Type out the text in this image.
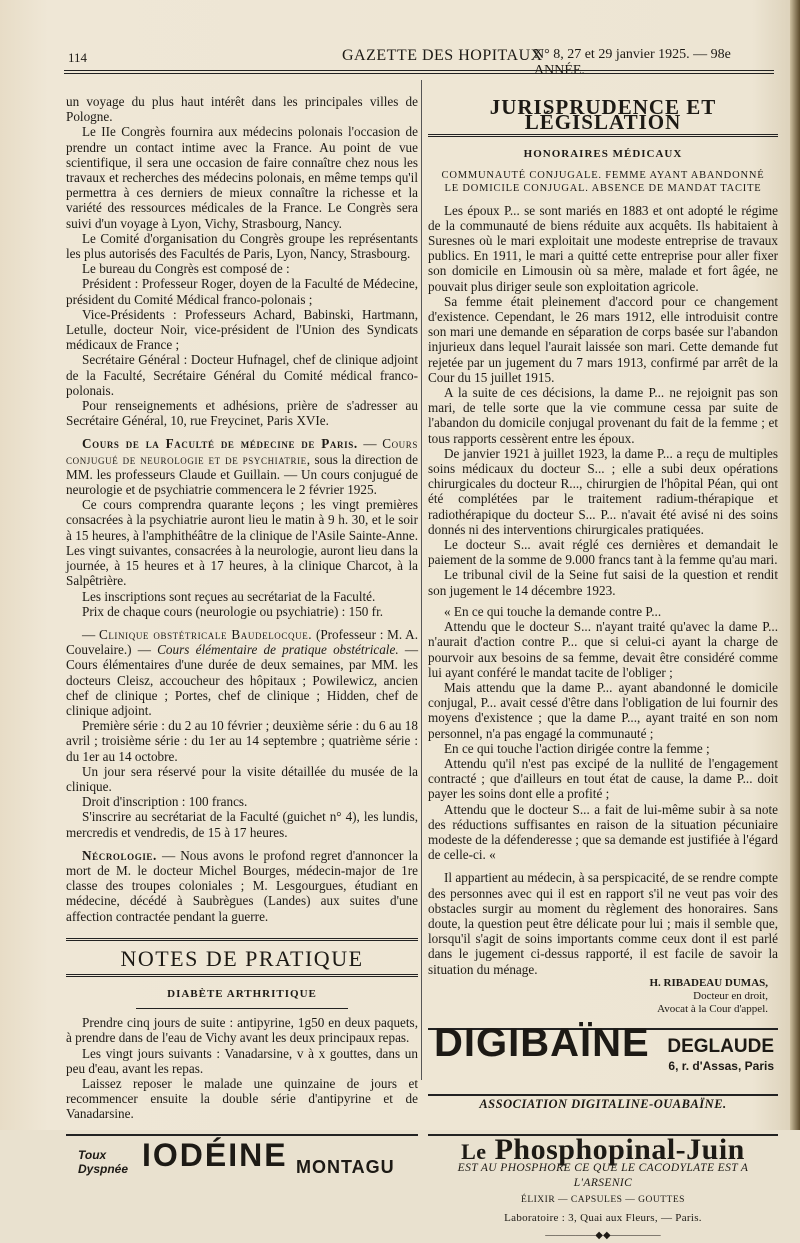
114	GAZETTE DES HOPITAUX
N° 8, 27 et 29 janvier 1925. — 98e ANNÉE.

un voyage du plus haut intérêt dans les principales villes de Pologne.

Le IIe Congrès fournira aux médecins polonais l'occasion de prendre un contact intime avec la France. Au point de vue scientifique, il sera une occasion de faire connaître chez nous les travaux et recherches des médecins polonais, en même temps qu'il permettra à ces derniers de mieux connaître la richesse et la variété des ressources médicales de la France. Le Congrès sera suivi d'un voyage à Lyon, Vichy, Strasbourg, Nancy.

Le Comité d'organisation du Congrès groupe les représentants les plus autorisés des Facultés de Paris, Lyon, Nancy, Strasbourg.

Le bureau du Congrès est composé de :

Président : Professeur Roger, doyen de la Faculté de Médecine, président du Comité Médical franco-polonais ;

Vice-Présidents : Professeurs Achard, Babinski, Hartmann, Letulle, docteur Noir, vice-président de l'Union des Syndicats médicaux de France ;

Secrétaire Général : Docteur Hufnagel, chef de clinique adjoint de la Faculté, Secrétaire Général du Comité médical franco-polonais.

Pour renseignements et adhésions, prière de s'adresser au Secrétaire Général, 10, rue Freycinet, Paris XVIe.

Cours de la Faculté de médecine de Paris. — Cours conjugué de neurologie et de psychiatrie, sous la direction de MM. les professeurs Claude et Guillain. — Un cours conjugué de neurologie et de psychiatrie commencera le 2 février 1925.

Ce cours comprendra quarante leçons ; les vingt premières consacrées à la psychiatrie auront lieu le matin à 9 h. 30, et le soir à 15 heures, à l'amphithéâtre de la clinique de l'Asile Sainte-Anne. Les vingt suivantes, consacrées à la neurologie, auront lieu dans la journée, à 15 heures et à 17 heures, à la clinique Charcot, à la Salpêtrière.

Les inscriptions sont reçues au secrétariat de la Faculté.

Prix de chaque cours (neurologie ou psychiatrie) : 150 fr.

— Clinique obstétricale Baudelocque. (Professeur : M. A. Couvelaire.) — Cours élémentaire de pratique obstétricale. — Cours élémentaires d'une durée de deux semaines, par MM. les docteurs Cleisz, accoucheur des hôpitaux ; Powilewicz, ancien chef de clinique ; Portes, chef de clinique ; Hidden, chef de clinique adjoint.

Première série : du 2 au 10 février ; deuxième série : du 6 au 18 avril ; troisième série : du 1er au 14 septembre ; quatrième série : du 1er au 14 octobre.

Un jour sera réservé pour la visite détaillée du musée de la clinique.

Droit d'inscription : 100 francs.

S'inscrire au secrétariat de la Faculté (guichet n° 4), les lundis, mercredis et vendredis, de 15 à 17 heures.

Nécrologie. — Nous avons le profond regret d'annoncer la mort de M. le docteur Michel Bourges, médecin-major de 1re classe des troupes coloniales ; M. Lesgourgues, étudiant en médecine, décédé à Saubrègues (Landes) aux suites d'une affection contractée pendant la guerre.

NOTES DE PRATIQUE
DIABÈTE ARTHRITIQUE

Prendre cinq jours de suite : antipyrine, 1g50 en deux paquets, à prendre dans de l'eau de Vichy avant les deux principaux repas.

Les vingt jours suivants : Vanadarsine, v à x gouttes, dans un peu d'eau, avant les repas.

Laissez reposer le malade une quinzaine de jours et recommencer ensuite la double série d'antipyrine et de Vanadarsine.

Toux
Dyspnée IODÉINE MONTAGU
JURISPRUDENCE ET LÉGISLATION
HONORAIRES MÉDICAUX
COMMUNAUTÉ CONJUGALE. FEMME AYANT ABANDONNÉ
LE DOMICILE CONJUGAL. ABSENCE DE MANDAT TACITE

Les époux P... se sont mariés en 1883 et ont adopté le régime de la communauté de biens réduite aux acquêts. Ils habitaient à Suresnes où le mari exploitait une modeste entreprise de travaux publics. En 1911, le mari a quitté cette entreprise pour aller fixer son domicile en Limousin où sa mère, malade et fort âgée, ne pouvait plus diriger seule son exploitation agricole.

Sa femme était pleinement d'accord pour ce changement d'existence. Cependant, le 26 mars 1912, elle introduisit contre son mari une demande en séparation de corps basée sur l'abandon injurieux dans lequel l'aurait laissée son mari. Cette demande fut rejetée par un jugement du 7 mars 1913, confirmé par arrêt de la Cour du 15 juillet 1915.

A la suite de ces décisions, la dame P... ne rejoignit pas son mari, de telle sorte que la vie commune cessa par suite de l'abandon du domicile conjugal provenant du fait de la femme ; et tous rapports cessèrent entre les époux.

De janvier 1921 à juillet 1923, la dame P... a reçu de multiples soins médicaux du docteur S... ; elle a subi deux opérations chirurgicales du docteur R..., chirurgien de l'hôpital Péan, qui ont été complétées par le traitement radium-thérapique et radiothérapique du docteur S... P... n'avait été avisé ni des soins donnés ni des interventions chirurgicales pratiquées.

Le docteur S... avait réglé ces dernières et demandait le paiement de la somme de 9.000 francs tant à la femme qu'au mari.

Le tribunal civil de la Seine fut saisi de la question et rendit son jugement le 14 décembre 1923.

« En ce qui touche la demande contre P...

Attendu que le docteur S... n'ayant traité qu'avec la dame P... n'aurait d'action contre P... que si celui-ci ayant la charge de pourvoir aux besoins de sa femme, devait être considéré comme lui ayant conféré le mandat tacite de l'obliger ;

Mais attendu que la dame P... ayant abandonné le domicile conjugal, P... avait cessé d'être dans l'obligation de lui fournir des moyens d'existence ; que la dame P..., ayant traité en son nom personnel, n'a pas engagé la communauté ;

En ce qui touche l'action dirigée contre la femme ;

Attendu qu'il n'est pas excipé de la nullité de l'engagement contracté ; que d'ailleurs en tout état de cause, la dame P... doit payer les soins dont elle a profité ;

Attendu que le docteur S... a fait de lui-même subir à sa note des réductions suffisantes en raison de la situation pécuniaire modeste de la défenderesse ; que sa demande est justifiée à l'égard de celle-ci. «

Il appartient au médecin, à sa perspicacité, de se rendre compte des personnes avec qui il est en rapport s'il ne veut pas voir des obstacles surgir au moment du règlement des honoraires. Sans doute, la question peut être délicate pour lui ; mais il semble que, lorsqu'il s'agit de soins importants comme ceux dont il est parlé dans le jugement ci-dessus rapporté, il est facile de savoir la situation du ménage.

H. RIBADEAU DUMAS,
Docteur en droit,
Avocat à la Cour d'appel.
DIGIBAÏNE DEGLAUDE
6, r. d'Assas, Paris
ASSOCIATION DIGITALINE-OUABAÏNE.
Le Phosphopinal-Juin
EST AU PHOSPHORE CE QUE LE CACODYLATE EST A L'ARSENIC
ÉLIXIR — CAPSULES — GOUTTES
Laboratoire : 3, Quai aux Fleurs, — Paris.
—————◆◆—————
